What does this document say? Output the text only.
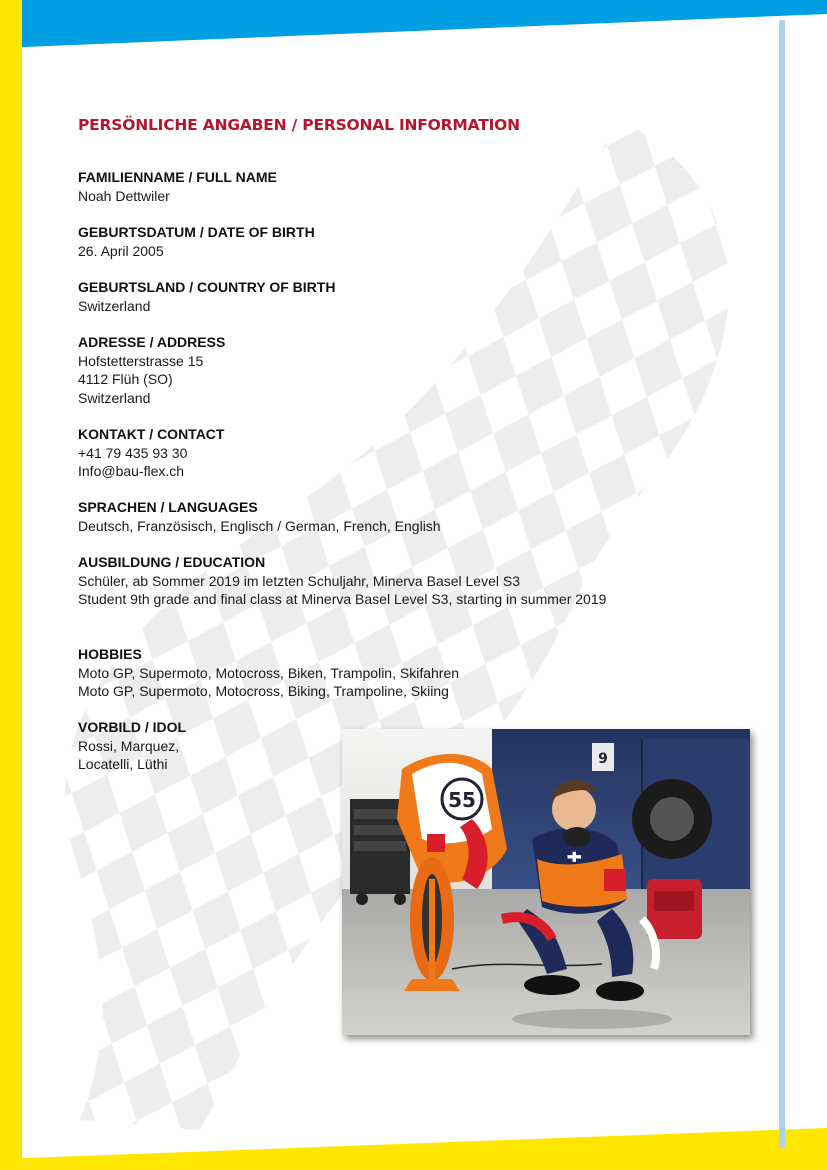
PERSÖNLICHE ANGABEN / PERSONAL INFORMATION

FAMILIENNAME / FULL NAME

Noah Dettwiler

GEBURTSDATUM / DATE OF BIRTH

26. April 2005

GEBURTSLAND / COUNTRY OF BIRTH

Switzerland

ADRESSE / ADDRESS

Hofstetterstrasse 15

4112 Flüh (SO)

Switzerland

KONTAKT / CONTACT

+41 79 435 93 30

Info@bau-flex.ch

SPRACHEN / LANGUAGES

Deutsch, Französisch, Englisch / German, French, English

AUSBILDUNG / EDUCATION

Schüler, ab Sommer 2019 im letzten Schuljahr, Minerva Basel Level S3

Student 9th grade and final class at Minerva Basel Level S3, starting in summer 2019

HOBBIES

Moto GP, Supermoto, Motocross, Biken, Trampolin, Skifahren

Moto GP, Supermoto, Motocross, Biking, Trampoline, Skiing

VORBILD / IDOL

Rossi, Marquez,

Locatelli, Lüthi	9
55
